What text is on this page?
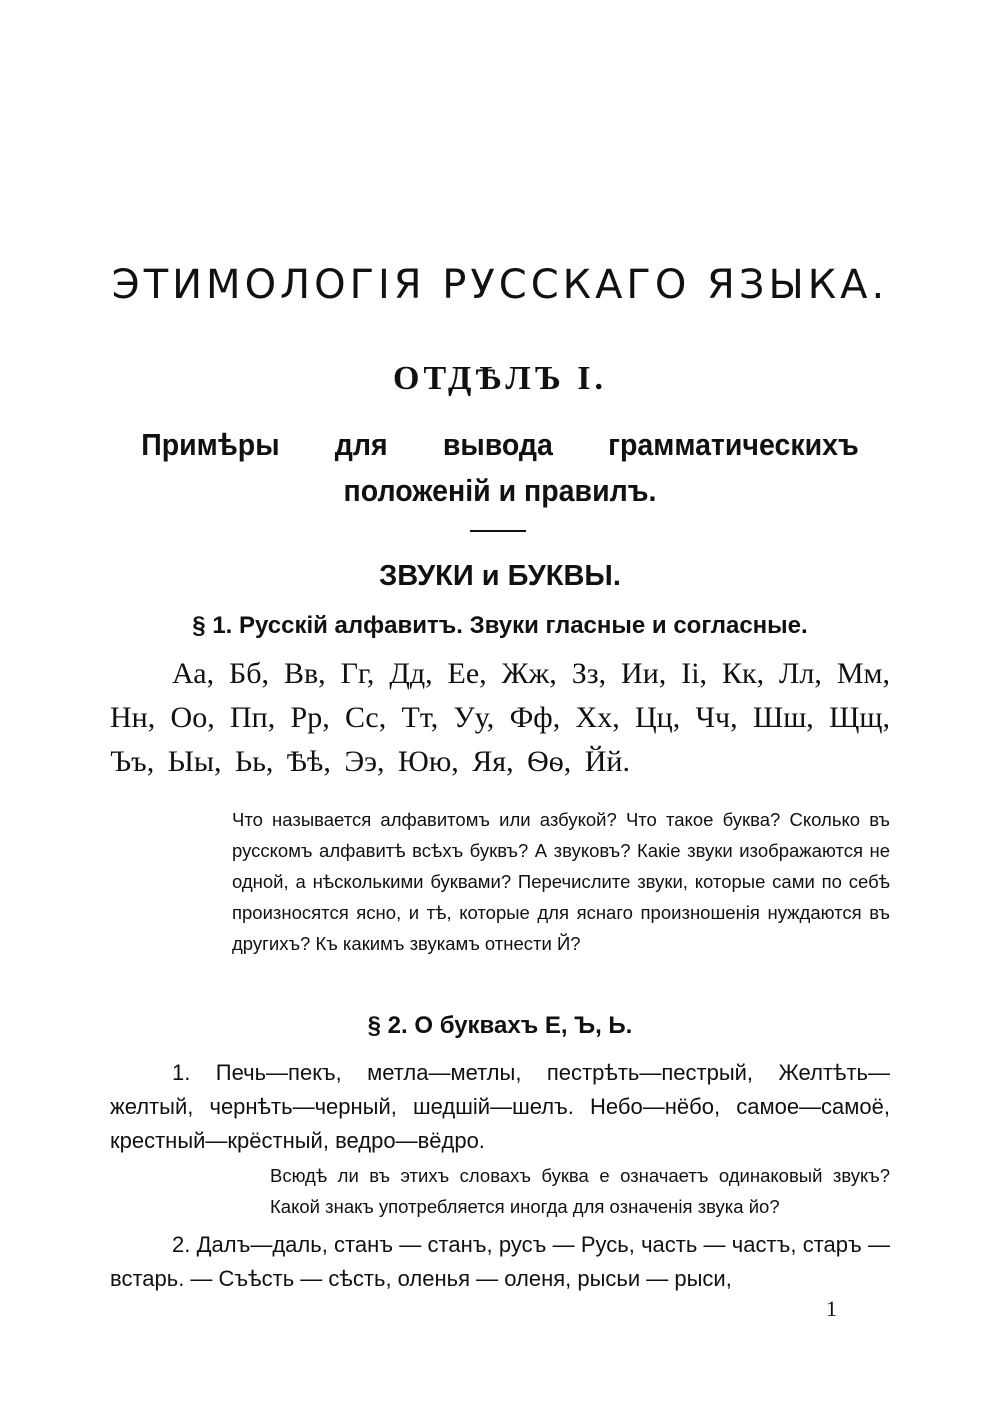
ЭТИМОЛОГІЯ РУССКАГО ЯЗЫКА.
ОТДѢЛЪ I.

Примѣры для вывода грамматическихъ положеній и правилъ.

ЗВУКИ и БУКВЫ.
§ 1. Русскій алфавитъ. Звуки гласные и согласные.

Аа, Бб, Вв, Гг, Дд, Ее, Жж, Зз, Ии, Іі, Кк, Лл, Мм, Нн, Оо, Пп, Рр, Сс, Тт, Уу, Фф, Хх, Цц, Чч, Шш, Щщ, Ъъ, Ыы, Ьь, Ѣѣ, Ээ, Юю, Яя, Ѳѳ, Йй.

Что называется алфавитомъ или азбукой? Что такое буква? Сколько въ русскомъ алфавитѣ всѣхъ буквъ? А звуковъ? Какіе звуки изображаются не одной, а нѣсколькими буквами? Перечислите звуки, которые сами по себѣ произносятся ясно, и тѣ, которые для яснаго произношенія нуждаются въ другихъ? Къ какимъ звукамъ отнести Й?

§ 2. О буквахъ Е, Ъ, Ь.

1. Печь—пекъ, метла—метлы, пестрѣть—пестрый, Желтѣть—желтый, чернѣть—черный, шедшій—шелъ. Небо—нёбо, самое—самоё, крестный—крёстный, ведро—вёдро.

Всюдѣ ли въ этихъ словахъ буква е означаетъ одинаковый звукъ? Какой знакъ употребляется иногда для означенія звука йо?

2. Далъ—даль, станъ — станъ, русъ — Русь, часть — частъ, старъ — встарь. — Съѣсть — сѣсть, оленья — оленя, рысьи — рыси,

1
